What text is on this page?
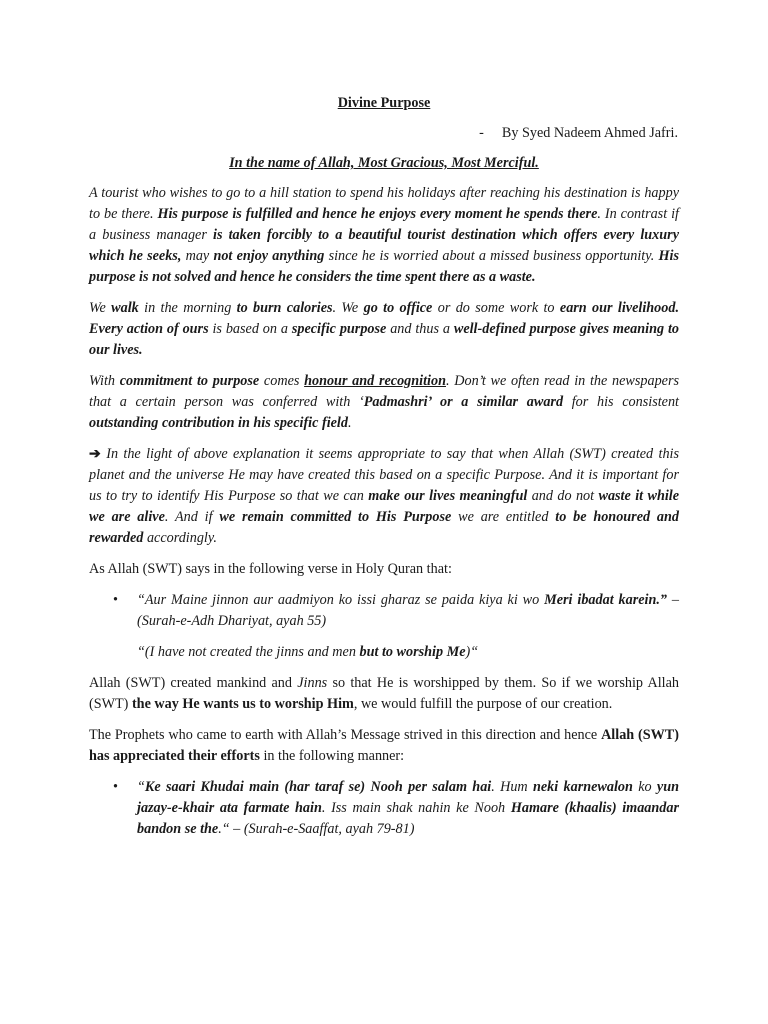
Divine Purpose
- By Syed Nadeem Ahmed Jafri.
In the name of Allah, Most Gracious, Most Merciful.

A tourist who wishes to go to a hill station to spend his holidays after reaching his destination is happy to be there. His purpose is fulfilled and hence he enjoys every moment he spends there. In contrast if a business manager is taken forcibly to a beautiful tourist destination which offers every luxury which he seeks, may not enjoy anything since he is worried about a missed business opportunity. His purpose is not solved and hence he considers the time spent there as a waste.

We walk in the morning to burn calories. We go to office or do some work to earn our livelihood. Every action of ours is based on a specific purpose and thus a well-defined purpose gives meaning to our lives.

With commitment to purpose comes honour and recognition. Don’t we often read in the newspapers that a certain person was conferred with ‘Padmashri’ or a similar award for his consistent outstanding contribution in his specific field.

➔ In the light of above explanation it seems appropriate to say that when Allah (SWT) created this planet and the universe He may have created this based on a specific Purpose. And it is important for us to try to identify His Purpose so that we can make our lives meaningful and do not waste it while we are alive. And if we remain committed to His Purpose we are entitled to be honoured and rewarded accordingly.

As Allah (SWT) says in the following verse in Holy Quran that:

• “Aur Maine jinnon aur aadmiyon ko issi gharaz se paida kiya ki wo Meri ibadat karein.” – (Surah-e-Adh Dhariyat, ayah 55)
“(I have not created the jinns and men but to worship Me)“

Allah (SWT) created mankind and Jinns so that He is worshipped by them. So if we worship Allah (SWT) the way He wants us to worship Him, we would fulfill the purpose of our creation.

The Prophets who came to earth with Allah’s Message strived in this direction and hence Allah (SWT) has appreciated their efforts in the following manner:

• “Ke saari Khudai main (har taraf se) Nooh per salam hai. Hum neki karnewalon ko yun jazay-e-khair ata farmate hain. Iss main shak nahin ke Nooh Hamare (khaalis) imaandar bandon se the.“ – (Surah-e-Saaffat, ayah 79-81)
